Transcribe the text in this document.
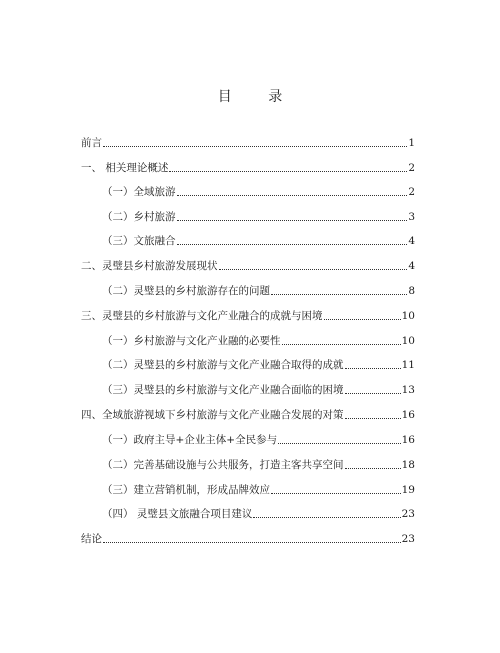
目 录
前言	1
一、 相关理论概述	2
（一）全域旅游	2
（二）乡村旅游	3
（三）文旅融合	4
二、灵璧县乡村旅游发展现状	4
（二）灵璧县的乡村旅游存在的问题	8
三、灵璧县的乡村旅游与文化产业融合的成就与困境	10
（一）乡村旅游与文化产业融的必要性	10
（二）灵璧县的乡村旅游与文化产业融合取得的成就	11
（三）灵璧县的乡村旅游与文化产业融合面临的困境	13
四、全域旅游视域下乡村旅游与文化产业融合发展的对策	16
（一）政府主导+企业主体+全民参与	16
（二）完善基础设施与公共服务，打造主客共享空间	18
（三）建立营销机制，形成品牌效应	19
（四） 灵璧县文旅融合项目建议	23
结论	23
